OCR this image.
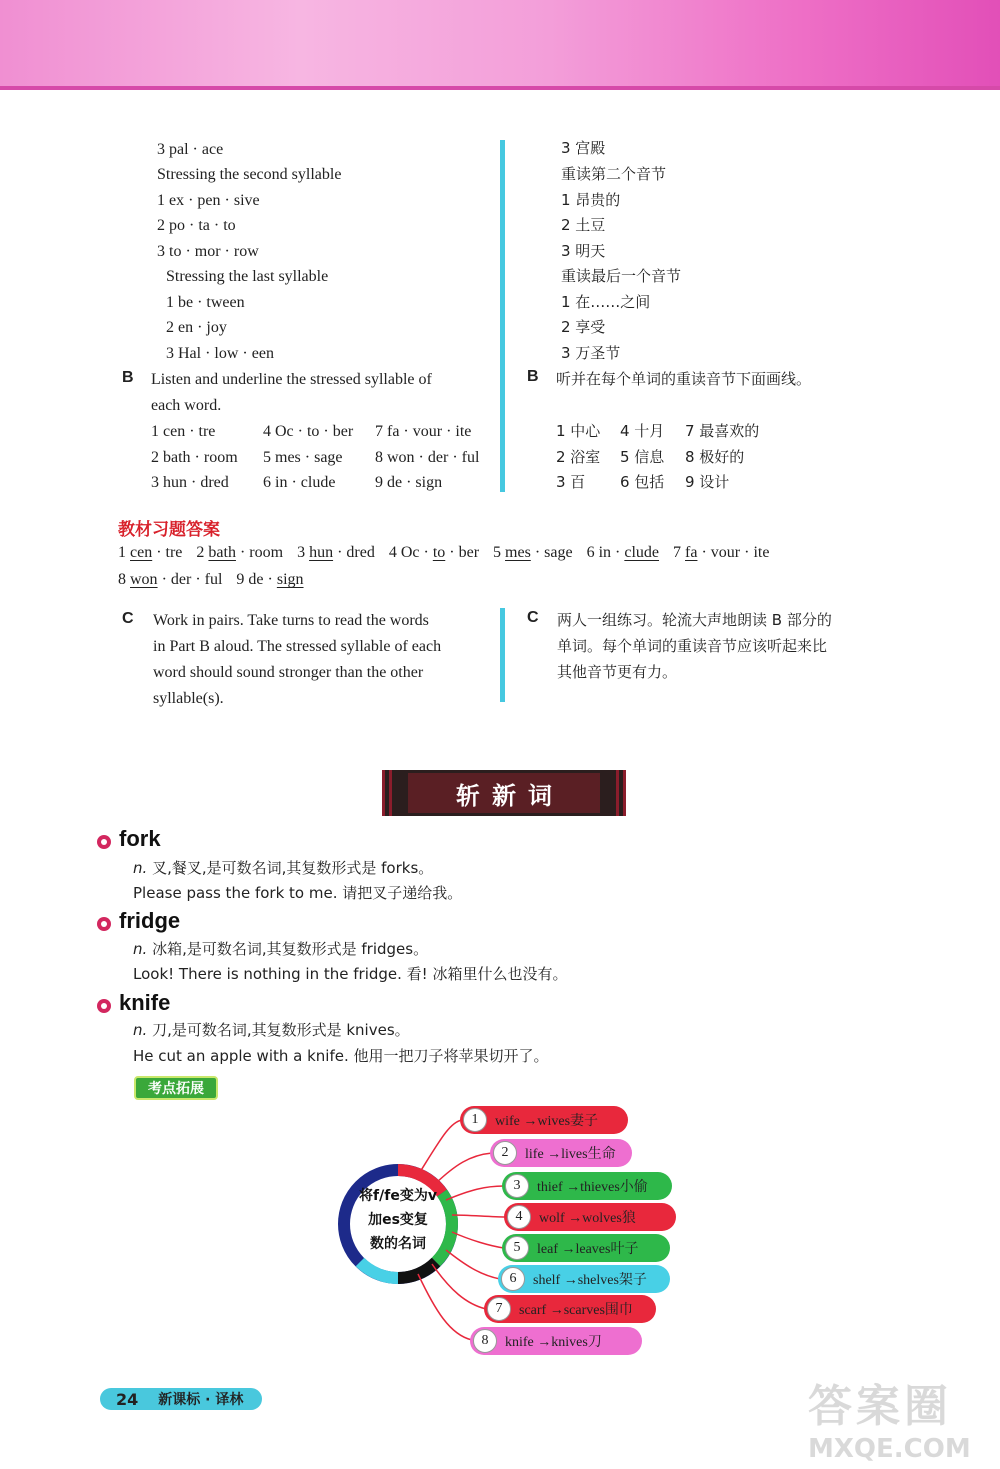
3 pal · ace
Stressing the second syllable
1 ex · pen · sive
2 po · ta · to
3 to · mor · row
Stressing the last syllable
1 be · tween
2 en · joy
3 Hal · low · een
B Listen and underline the stressed syllable of
each word.
1 cen · tre	4 Oc · to · ber 7 fa · vour · ite
2 bath · room 5 mes · sage 8 won · der · ful
3 hun · dred 6 in · clude 9 de · sign
3 宫殿
重读第二个音节
1 昂贵的
2 土豆
3 明天
重读最后一个音节
1 在……之间
2 享受
3 万圣节
B 听并在每个单词的重读音节下面画线。
1 中心 4 十月 7 最喜欢的
2 浴室 5 信息 8 极好的
3 百 6 包括 9 设计
教材习题答案
1 cen · tre 2 bath · room 3 hun · dred 4 Oc · to · ber 5 mes · sage 6 in · clude 7 fa · vour · ite
8 won · der · ful 9 de · sign
C Work in pairs. Take turns to read the words
in Part B aloud. The stressed syllable of each
word should sound stronger than the other
syllable(s).
C 两人一组练习。轮流大声地朗读 B 部分的
单词。每个单词的重读音节应该听起来比
其他音节更有力。
斩新词
fork
n. 叉,餐叉,是可数名词,其复数形式是 forks。
Please pass the fork to me. 请把叉子递给我。
fridge
n. 冰箱,是可数名词,其复数形式是 fridges。
Look! There is nothing in the fridge. 看! 冰箱里什么也没有。
knife
n. 刀,是可数名词,其复数形式是 knives。
He cut an apple with a knife. 他用一把刀子将苹果切开了。
考点拓展
将f/fe变为v
加es变复
数的名词
1	wife →wives妻子
2	life →lives生命
3	thief →thieves小偷
4	wolf →wolves狼
5	leaf →leaves叶子
6	shelf →shelves架子
7	scarf →scarves围巾
8	knife →knives刀
24 新课标 · 译林	答案圈
MXQE.COM
